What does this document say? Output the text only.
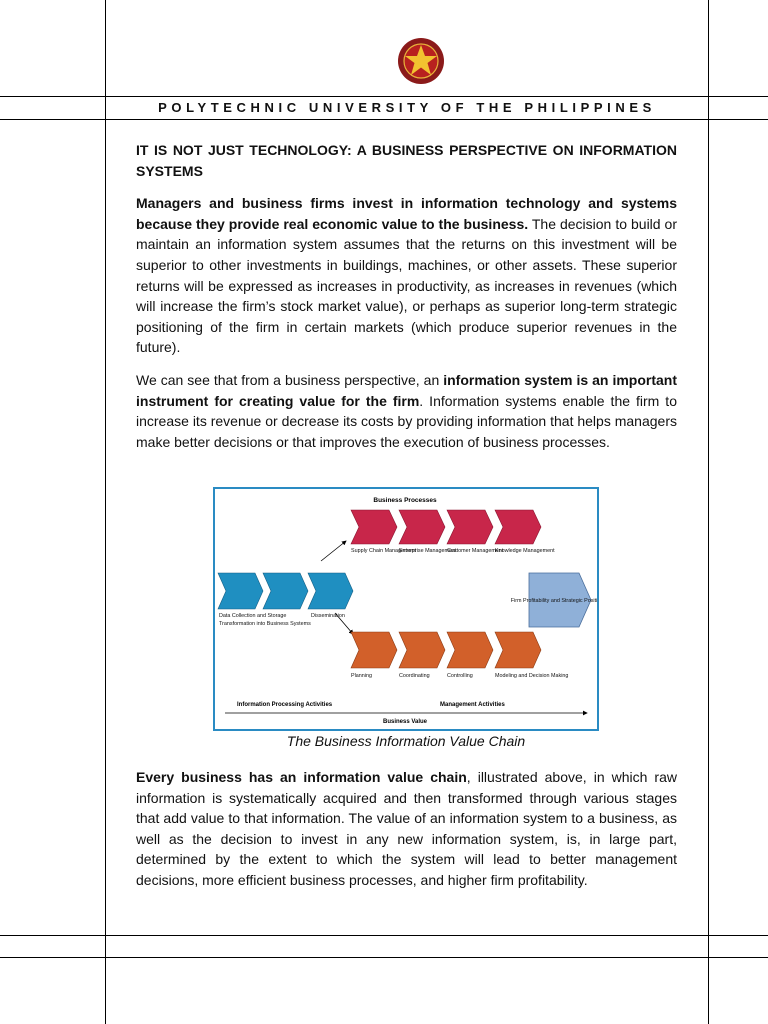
POLYTECHNIC UNIVERSITY OF THE PHILIPPINES

IT IS NOT JUST TECHNOLOGY: A BUSINESS PERSPECTIVE ON INFORMATION SYSTEMS

Managers and business firms invest in information technology and systems because they provide real economic value to the business. The decision to build or maintain an information system assumes that the returns on this investment will be superior to other investments in buildings, machines, or other assets. These superior returns will be expressed as increases in productivity, as increases in revenues (which will increase the firm’s stock market value), or perhaps as superior long-term strategic positioning of the firm in certain markets (which produce superior revenues in the future).

We can see that from a business perspective, an information system is an important instrument for creating value for the firm. Information systems enable the firm to increase its revenue or decrease its costs by providing information that helps managers make better decisions or that improves the execution of business processes.

Business Processes
Supply Chain Management
Enterprise Management
Customer Management
Knowledge Management
Data Collection and Storage
Transformation into Business Systems
Dissemination
Firm Profitability and Strategic Position
Planning	Coordinating	Controlling	Modeling and Decision Making
Information Processing Activities	Management Activities
Business Value
The Business Information Value Chain

Every business has an information value chain, illustrated above, in which raw information is systematically acquired and then transformed through various stages that add value to that information. The value of an information system to a business, as well as the decision to invest in any new information system, is, in large part, determined by the extent to which the system will lead to better management decisions, more efficient business processes, and higher firm profitability.
